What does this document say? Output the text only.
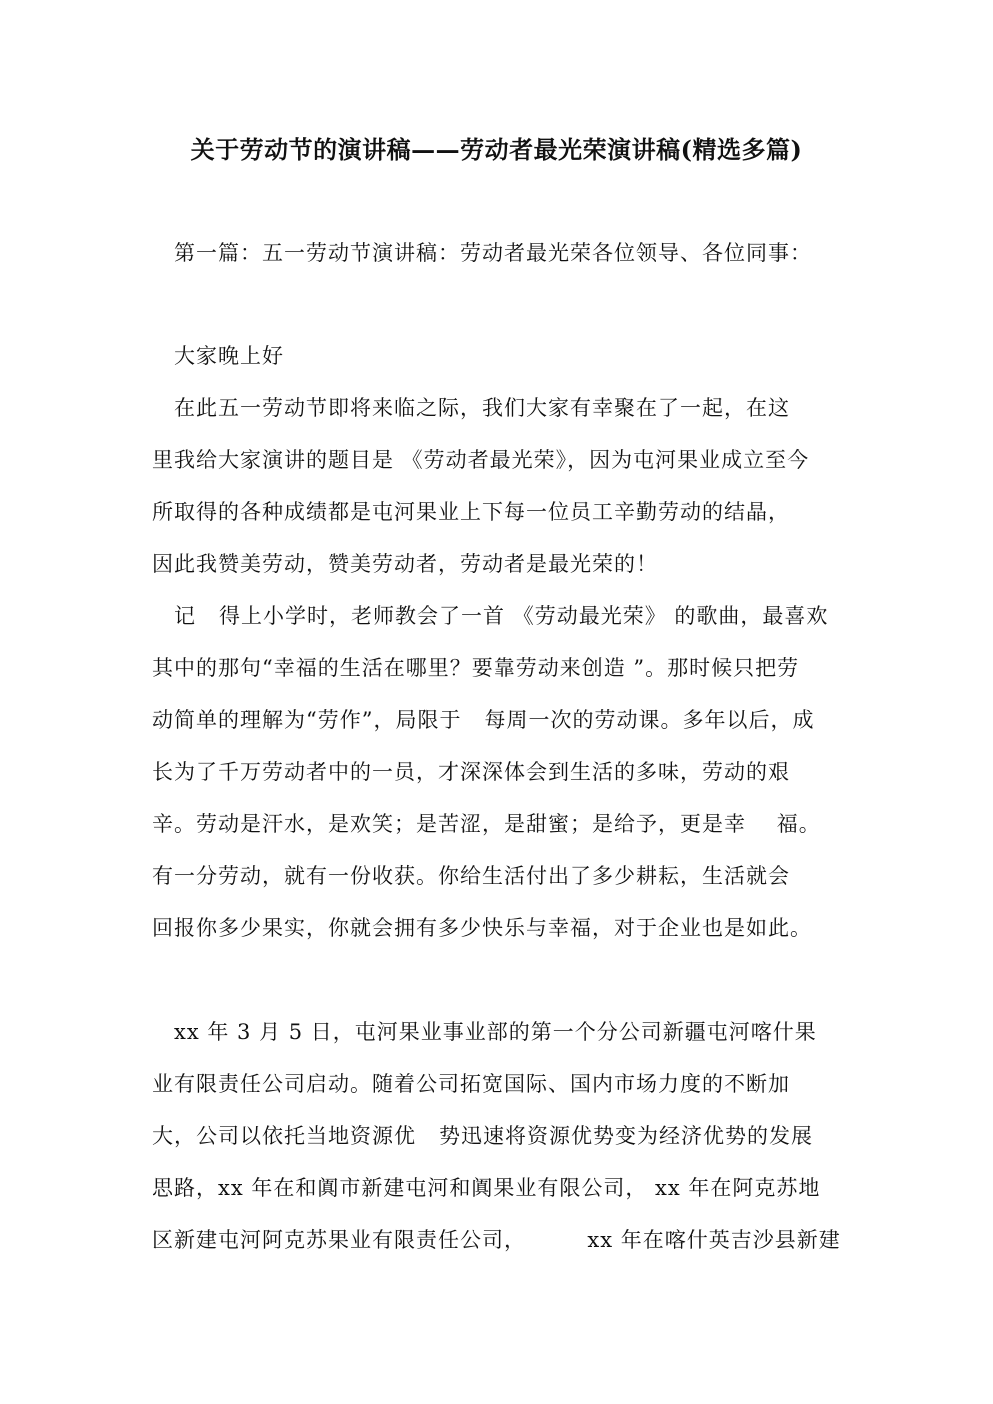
关于劳动节的演讲稿——劳动者最光荣演讲稿(精选多篇)
第一篇：五一劳动节演讲稿：劳动者最光荣各位领导、各位同事：
大家晚上好
在此五一劳动节即将来临之际，我们大家有幸聚在了一起，在这
里我给大家演讲的题目是 《劳动者最光荣》，因为屯河果业成立至今
所取得的各种成绩都是屯河果业上下每一位员工辛勤劳动的结晶，
因此我赞美劳动，赞美劳动者，劳动者是最光荣的！
记   得上小学时，老师教会了一首 《劳动最光荣》 的歌曲，最喜欢
其中的那句“幸福的生活在哪里？要靠劳动来创造 ”。那时候只把劳
动简单的理解为“劳作”，局限于   每周一次的劳动课。多年以后，成
长为了千万劳动者中的一员，才深深体会到生活的多味，劳动的艰
辛。劳动是汗水，是欢笑；是苦涩，是甜蜜；是给予，更是幸    福。
有一分劳动，就有一份收获。你给生活付出了多少耕耘，生活就会
回报你多少果实，你就会拥有多少快乐与幸福，对于企业也是如此。
xx 年 3 月 5 日，屯河果业事业部的第一个分公司新疆屯河喀什果
业有限责任公司启动。随着公司拓宽国际、国内市场力度的不断加
大，公司以依托当地资源优   势迅速将资源优势变为经济优势的发展
思路，xx 年在和阗市新建屯河和阗果业有限公司， xx 年在阿克苏地
区新建屯河阿克苏果业有限责任公司，        xx 年在喀什英吉沙县新建
